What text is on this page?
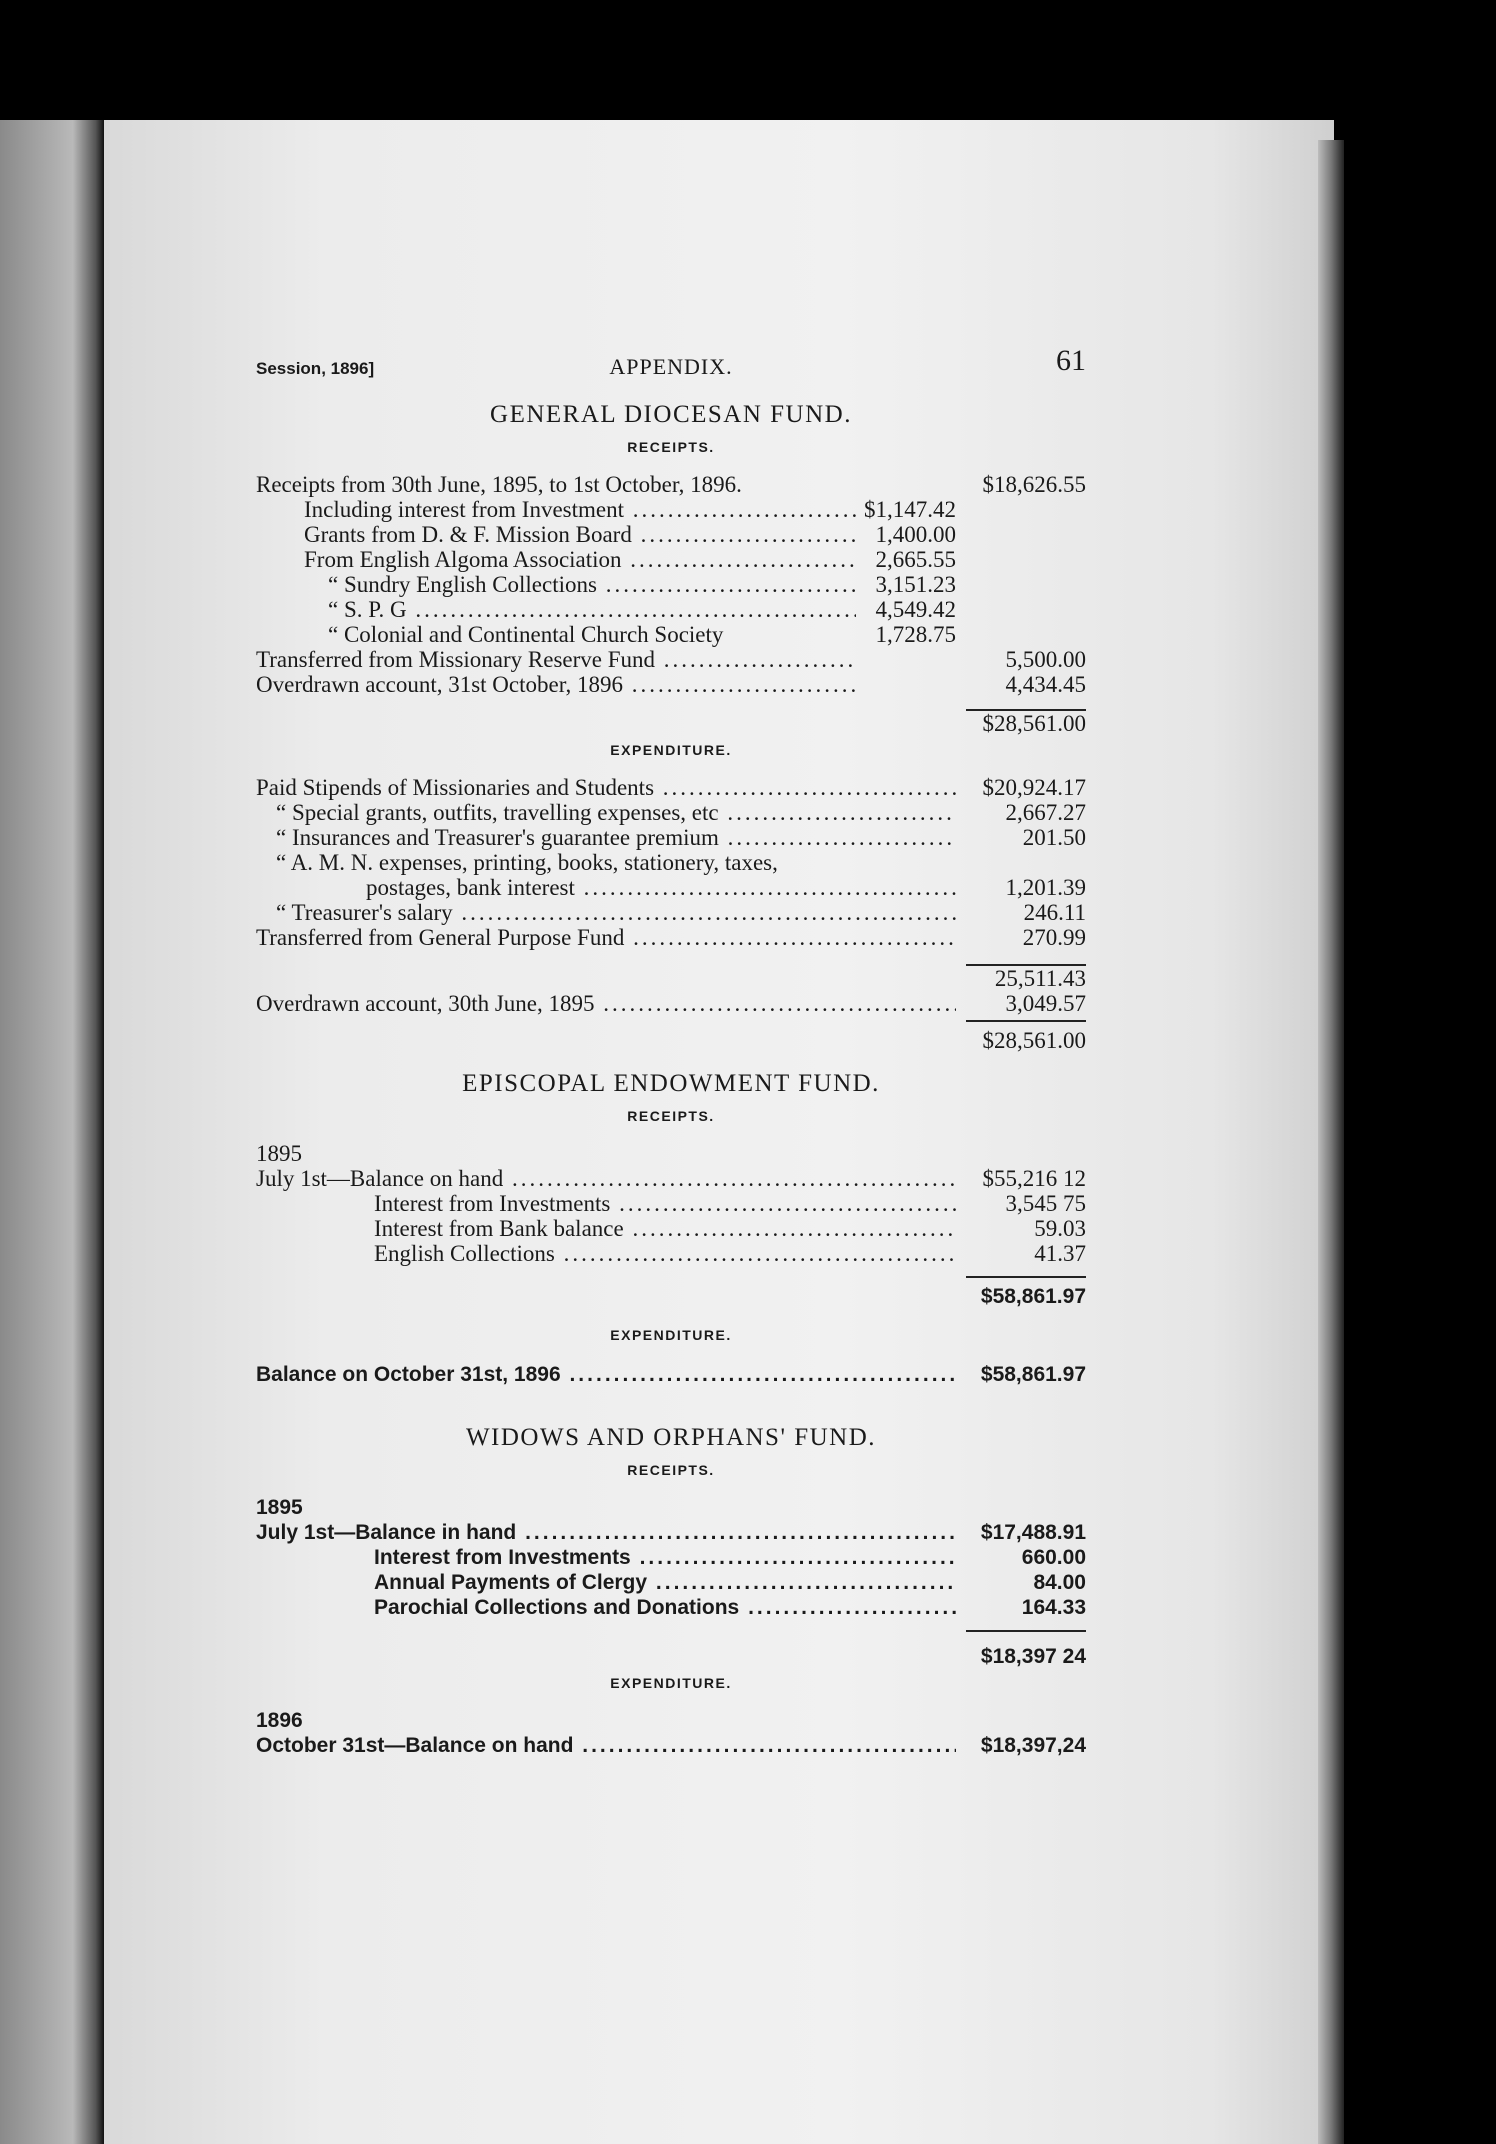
Session, 1896]	APPENDIX.	61
GENERAL DIOCESAN FUND.
RECEIPTS.
Receipts from 30th June, 1895, to 1st October, 1896.	$18,626.55
Including interest from Investment .....	$1,147.42
Grants from D. & F. Mission Board .....	1,400.00
From English Algoma Association .....	2,665.55
“ Sundry English Collections .....	3,151.23
“ S. P. G .....	4,549.42
“ Colonial and Continental Church Society	1,728.75
Transferred from Missionary Reserve Fund .....	5,500.00
Overdrawn account, 31st October, 1896 .....	4,434.45
$28,561.00
EXPENDITURE.
Paid Stipends of Missionaries and Students .....	$20,924.17
“ Special grants, outfits, travelling expenses, etc .....	2,667.27
“ Insurances and Treasurer's guarantee premium .....	201.50
“ A. M. N. expenses, printing, books, stationery, taxes,
postages, bank interest .....	1,201.39
“ Treasurer's salary .....	246.11
Transferred from General Purpose Fund .....	270.99
25,511.43
Overdrawn account, 30th June, 1895 .....	3,049.57
$28,561.00
EPISCOPAL ENDOWMENT FUND.
RECEIPTS.
1895
July 1st—Balance on hand .....	$55,216 12
Interest from Investments .....	3,545 75
Interest from Bank balance .....	59.03
English Collections .....	41.37
$58,861.97
EXPENDITURE.
Balance on October 31st, 1896 .....	$58,861.97
WIDOWS AND ORPHANS' FUND.
RECEIPTS.
1895
July 1st—Balance in hand .....	$17,488.91
Interest from Investments .....	660.00
Annual Payments of Clergy .....	84.00
Parochial Collections and Donations .....	164.33
$18,397 24
EXPENDITURE.
1896
October 31st—Balance on hand .....	$18,397,24
